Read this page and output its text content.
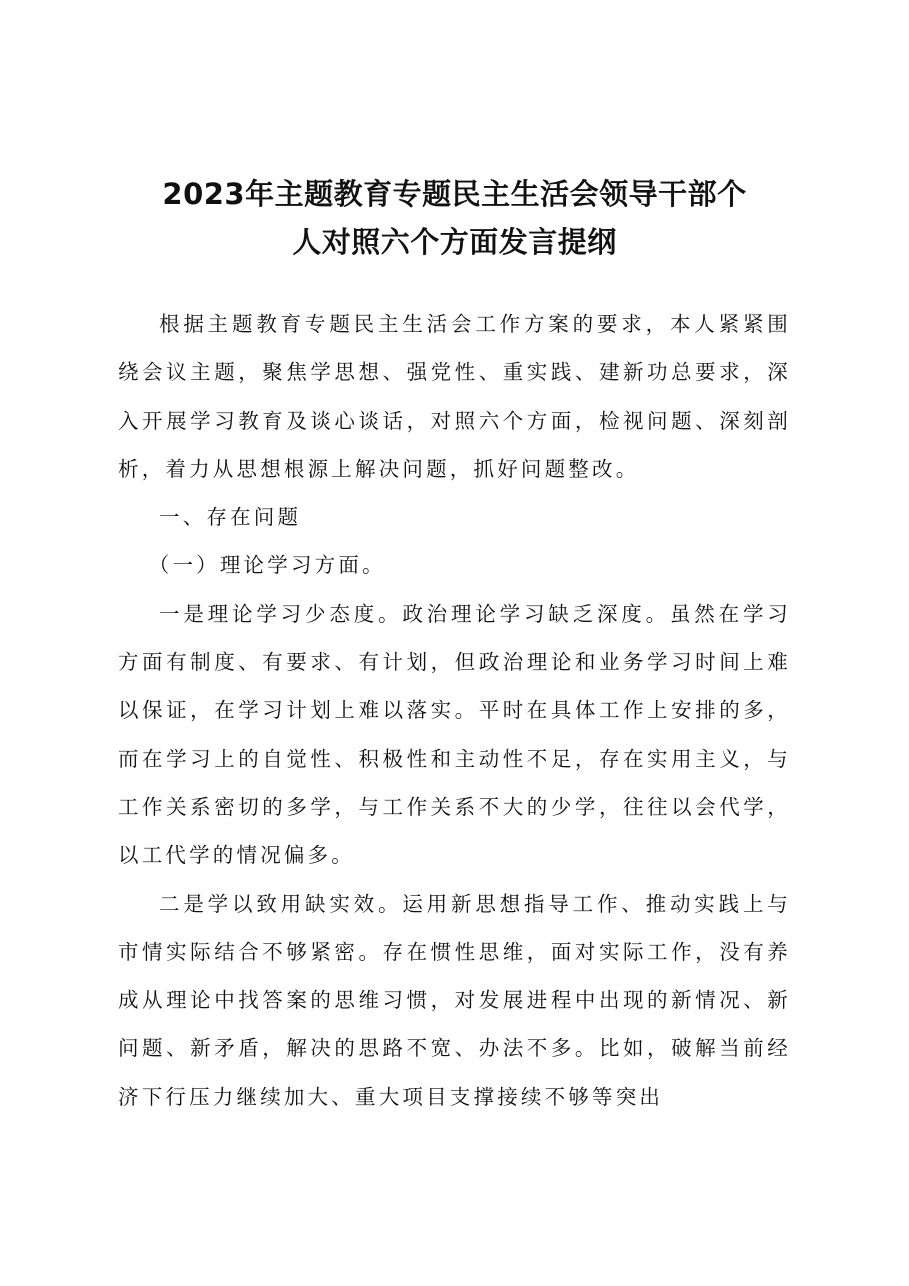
2023年主题教育专题民主生活会领导干部个
人对照六个方面发言提纲

根据主题教育专题民主生活会工作方案的要求，本人紧紧围绕会议主题，聚焦学思想、强党性、重实践、建新功总要求，深入开展学习教育及谈心谈话，对照六个方面，检视问题、深刻剖析，着力从思想根源上解决问题，抓好问题整改。

一、存在问题

（一）理论学习方面。

一是理论学习少态度。政治理论学习缺乏深度。虽然在学习方面有制度、有要求、有计划，但政治理论和业务学习时间上难以保证，在学习计划上难以落实。平时在具体工作上安排的多，而在学习上的自觉性、积极性和主动性不足，存在实用主义，与工作关系密切的多学，与工作关系不大的少学，往往以会代学，以工代学的情况偏多。

二是学以致用缺实效。运用新思想指导工作、推动实践上与市情实际结合不够紧密。存在惯性思维，面对实际工作，没有养成从理论中找答案的思维习惯，对发展进程中出现的新情况、新问题、新矛盾，解决的思路不宽、办法不多。比如，破解当前经济下行压力继续加大、重大项目支撑接续不够等突出
